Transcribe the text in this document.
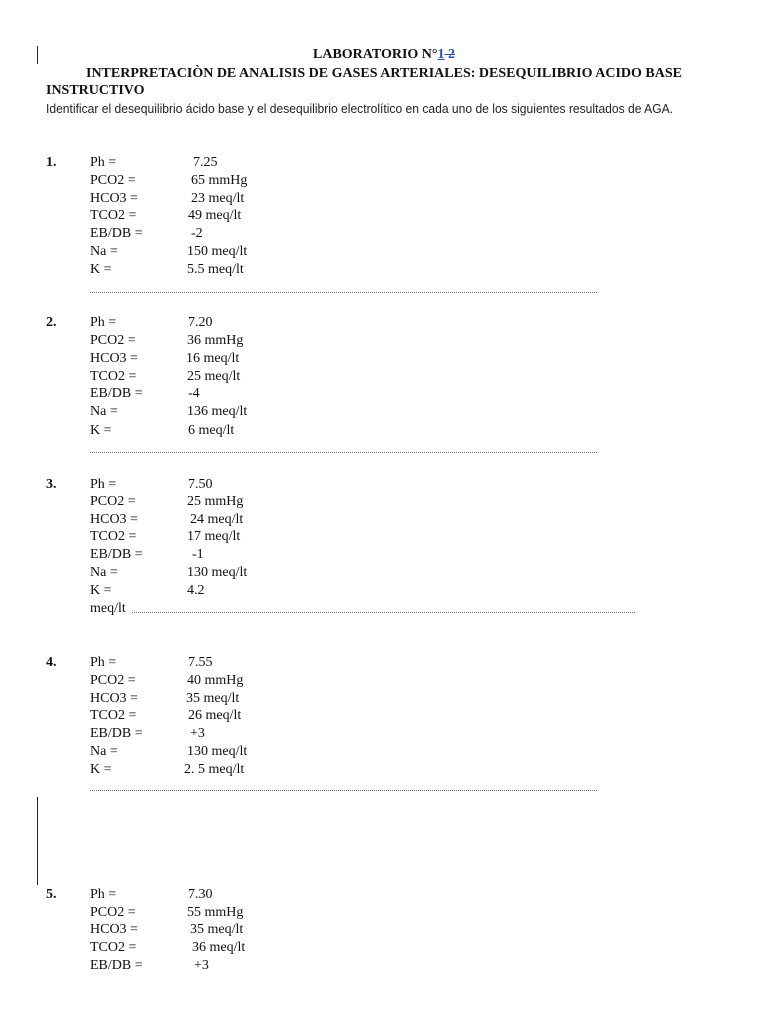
LABORATORIO N°1 2
INTERPRETACIÒN DE ANALISIS DE GASES ARTERIALES: DESEQUILIBRIO ACIDO BASE
INSTRUCTIVO
Identificar el desequilibrio ácido base y el desequilibrio electrolítico en cada uno de los siguientes resultados de AGA.
1. Ph =	7.25
PCO2 =	65 mmHg
HCO3 =	23 meq/lt
TCO2 =	49 meq/lt
EB/DB =	-2
Na =	150 meq/lt
K =	5.5 meq/lt
2. Ph =	7.20
PCO2 =	36 mmHg
HCO3 =	16 meq/lt
TCO2 =	25 meq/lt
EB/DB =	-4
Na =	136 meq/lt
K =	6 meq/lt
3. Ph =	7.50
PCO2 =	25 mmHg
HCO3 =	24 meq/lt
TCO2 =	17 meq/lt
EB/DB =	-1
Na =	130 meq/lt
K =	4.2
meq/lt
4. Ph =	7.55
PCO2 =	40 mmHg
HCO3 =	35 meq/lt
TCO2 =	26 meq/lt
EB/DB =	+3
Na =	130 meq/lt
K =	2. 5 meq/lt
5. Ph =	7.30
PCO2 =	55 mmHg
HCO3 =	35 meq/lt
TCO2 =	36 meq/lt
EB/DB =	+3
